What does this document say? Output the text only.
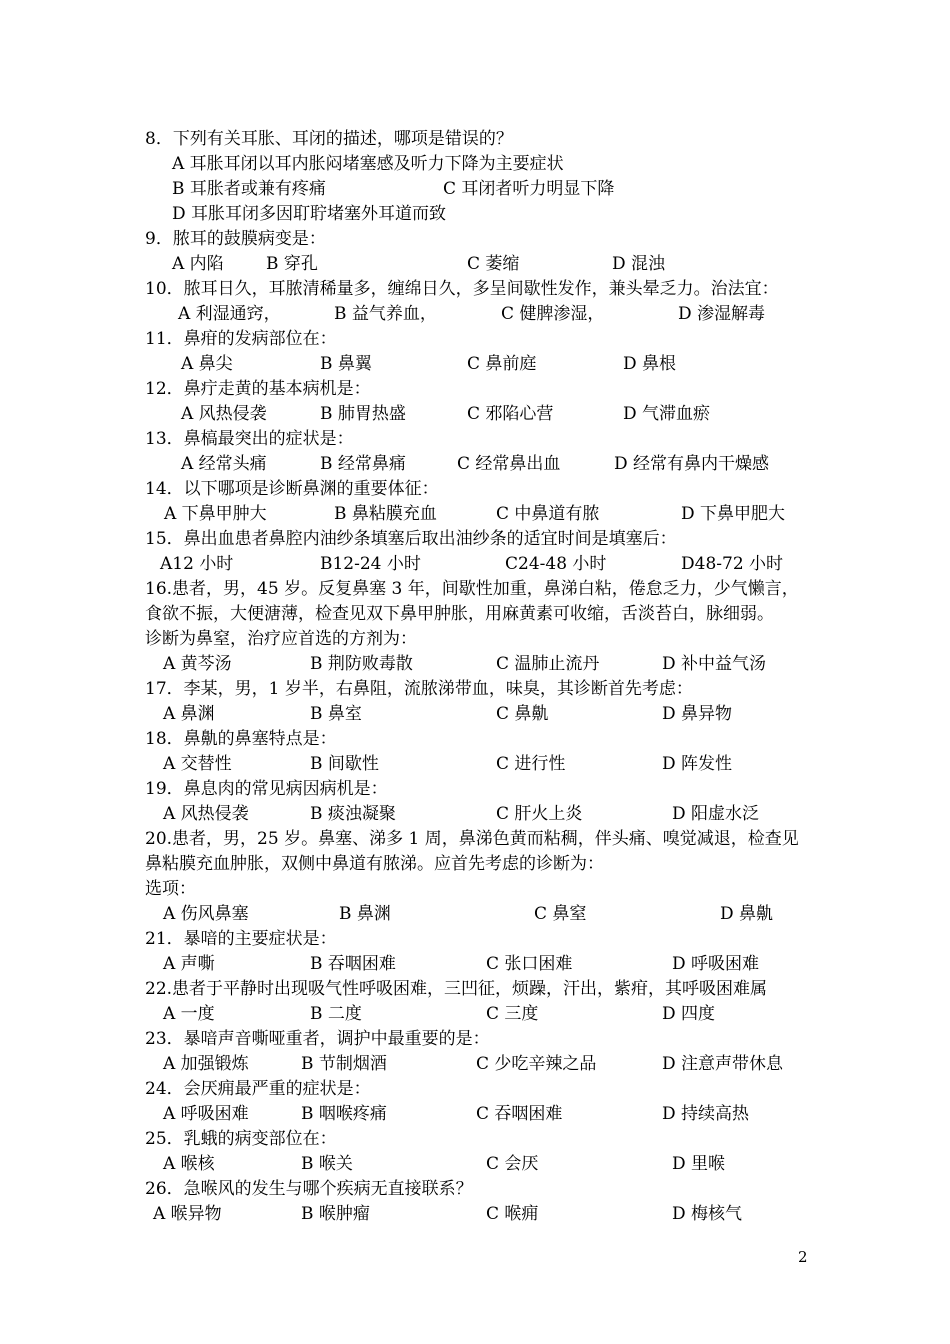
8．下列有关耳胀、耳闭的描述，哪项是错误的？
A 耳胀耳闭以耳内胀闷堵塞感及听力下降为主要症状
B 耳胀者或兼有疼痛	C 耳闭者听力明显下降
D 耳胀耳闭多因耵聍堵塞外耳道而致
9．脓耳的鼓膜病变是：
A 内陷 B 穿孔	C 萎缩	D 混浊
10．脓耳日久，耳脓清稀量多，缠绵日久，多呈间歇性发作，兼头晕乏力。治法宜：
A 利湿通窍，	B 益气养血，	C 健脾渗湿，	D 渗湿解毒
11．鼻疳的发病部位在：
A 鼻尖	B 鼻翼	C 鼻前庭	D 鼻根
12．鼻疔走黄的基本病机是：
A 风热侵袭	B 肺胃热盛	C 邪陷心营	D 气滞血瘀
13．鼻槁最突出的症状是：
A 经常头痛	B 经常鼻痛	C 经常鼻出血	D 经常有鼻内干燥感
14．以下哪项是诊断鼻渊的重要体征：
A 下鼻甲肿大	B 鼻粘膜充血	C 中鼻道有脓	D 下鼻甲肥大
15．鼻出血患者鼻腔内油纱条填塞后取出油纱条的适宜时间是填塞后：
A12 小时	B12-24 小时	C24-48 小时	D48-72 小时
16.患者，男，45 岁。反复鼻塞 3 年，间歇性加重，鼻涕白粘，倦怠乏力，少气懒言，
食欲不振，大便溏薄，检查见双下鼻甲肿胀，用麻黄素可收缩，舌淡苔白，脉细弱。
诊断为鼻窒，治疗应首选的方剂为：
A 黄芩汤	B 荆防败毒散	C 温肺止流丹	D 补中益气汤
17．李某，男，1 岁半，右鼻阻，流脓涕带血，味臭，其诊断首先考虑：
A 鼻渊	B 鼻室	C 鼻鼽	D 鼻异物
18．鼻鼽的鼻塞特点是：
A 交替性	B 间歇性	C 进行性	D 阵发性
19．鼻息肉的常见病因病机是：
A 风热侵袭	B 痰浊凝聚	C 肝火上炎	D 阳虚水泛
20.患者，男，25 岁。鼻塞、涕多 1 周，鼻涕色黄而粘稠，伴头痛、嗅觉减退，检查见
鼻粘膜充血肿胀，双侧中鼻道有脓涕。应首先考虑的诊断为：
选项：
A 伤风鼻塞	B 鼻渊	C 鼻窒	D 鼻鼽
21．暴喑的主要症状是：
A 声嘶	B 吞咽困难	C 张口困难	D 呼吸困难
22.患者于平静时出现吸气性呼吸困难，三凹征，烦躁，汗出，紫疳，其呼吸困难属
A 一度	B 二度	C 三度	D 四度
23．暴喑声音嘶哑重者，调护中最重要的是：
A 加强锻炼	B 节制烟酒	C 少吃辛辣之品	D 注意声带休息
24．会厌痈最严重的症状是：
A 呼吸困难	B 咽喉疼痛	C 吞咽困难	D 持续高热
25．乳蛾的病变部位在：
A 喉核	B 喉关	C 会厌	D 里喉
26．急喉风的发生与哪个疾病无直接联系？
A 喉异物	B 喉肿瘤	C 喉痈	D 梅核气
2
